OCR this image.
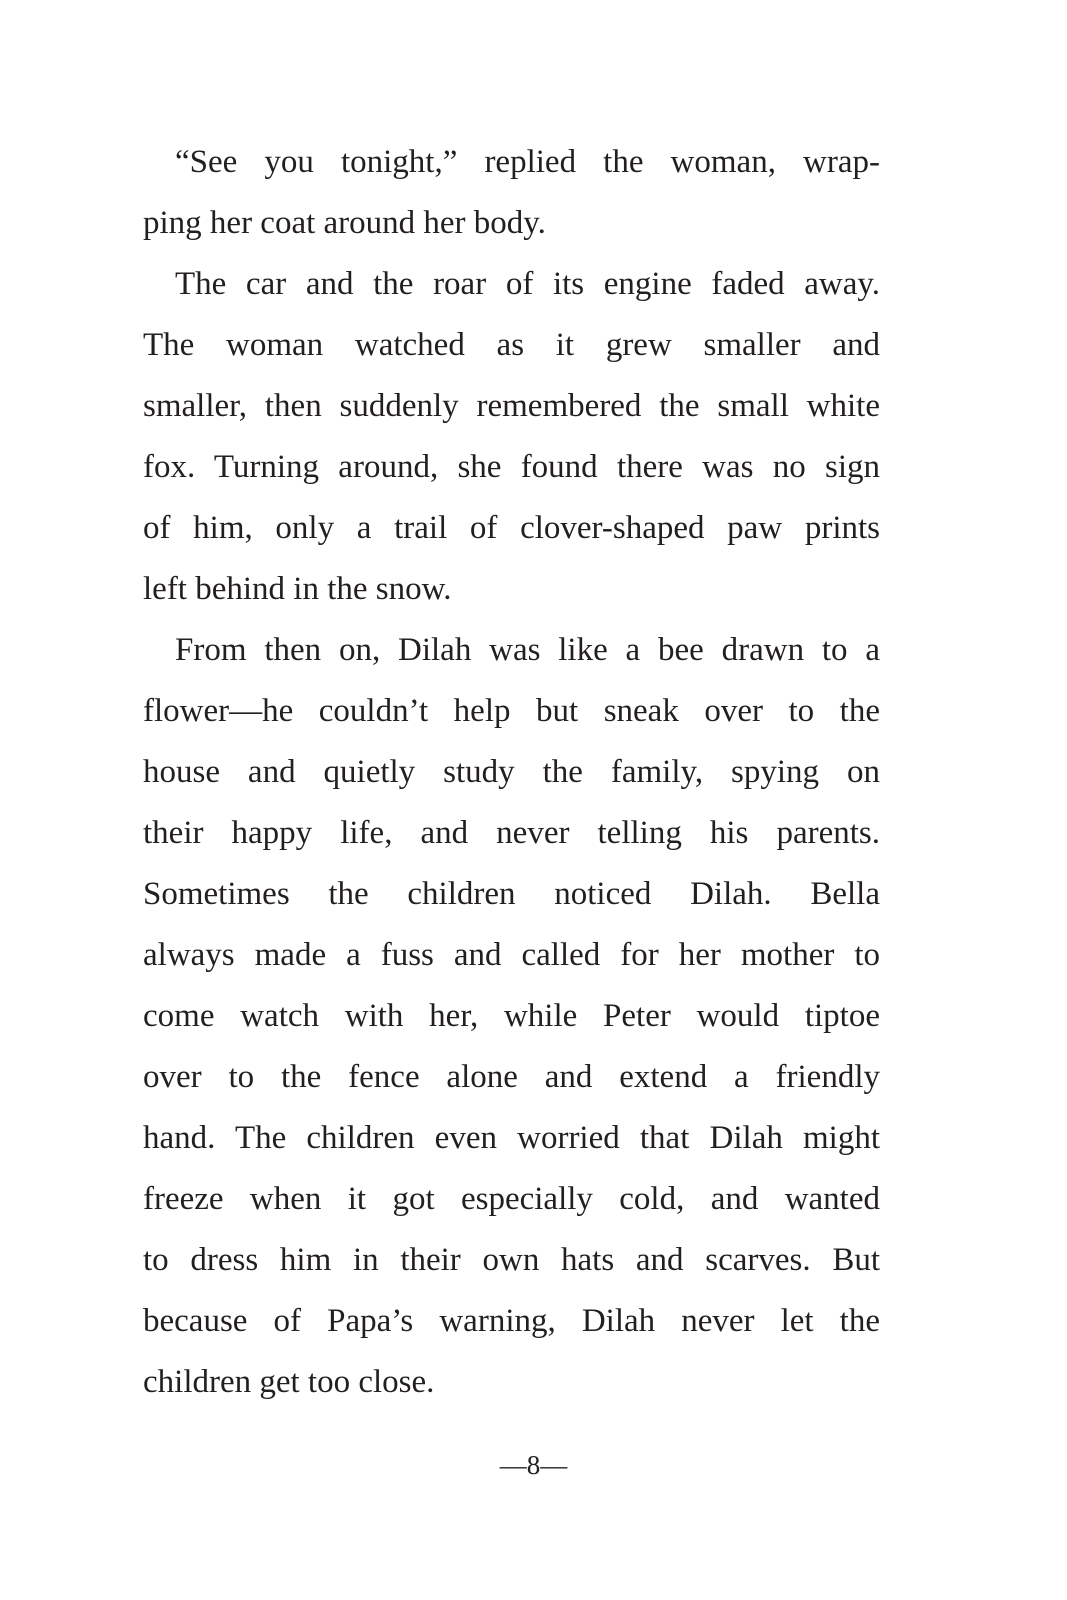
“See you tonight,” replied the woman, wrap-
ping her coat around her body.

The car and the roar of its engine faded away.
The woman watched as it grew smaller and
smaller, then suddenly remembered the small white
fox. Turning around, she found there was no sign
of him, only a trail of clover-shaped paw prints
left behind in the snow.

From then on, Dilah was like a bee drawn to a
flower—he couldn’t help but sneak over to the
house and quietly study the family, spying on
their happy life, and never telling his parents.
Sometimes the children noticed Dilah. Bella
always made a fuss and called for her mother to
come watch with her, while Peter would tiptoe
over to the fence alone and extend a friendly
hand. The children even worried that Dilah might
freeze when it got especially cold, and wanted
to dress him in their own hats and scarves. But
because of Papa’s warning, Dilah never let the
children get too close.

—8—
